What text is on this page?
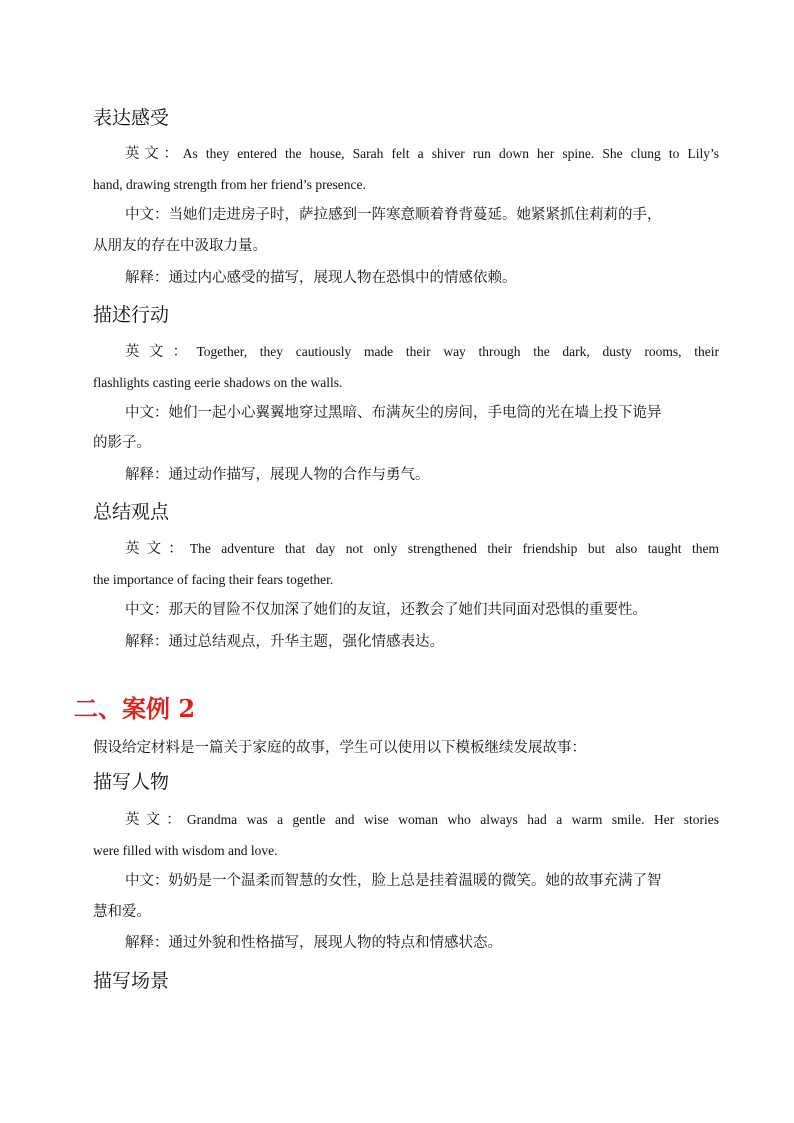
表达感受
英文：As they entered the house, Sarah felt a shiver run down her spine. She clung to Lily’s
hand, drawing strength from her friend’s presence.
中文：当她们走进房子时，萨拉感到一阵寒意顺着脊背蔓延。她紧紧抓住莉莉的手，
从朋友的存在中汲取力量。
解释：通过内心感受的描写，展现人物在恐惧中的情感依赖。
描述行动
英文：Together, they cautiously made their way through the dark, dusty rooms, their
flashlights casting eerie shadows on the walls.
中文：她们一起小心翼翼地穿过黑暗、布满灰尘的房间，手电筒的光在墙上投下诡异
的影子。
解释：通过动作描写，展现人物的合作与勇气。
总结观点
英文：The adventure that day not only strengthened their friendship but also taught them
the importance of facing their fears together.
中文：那天的冒险不仅加深了她们的友谊，还教会了她们共同面对恐惧的重要性。
解释：通过总结观点，升华主题，强化情感表达。
二、案例 2
假设给定材料是一篇关于家庭的故事，学生可以使用以下模板继续发展故事：
描写人物
英文：Grandma was a gentle and wise woman who always had a warm smile. Her stories
were filled with wisdom and love.
中文：奶奶是一个温柔而智慧的女性，脸上总是挂着温暖的微笑。她的故事充满了智
慧和爱。
解释：通过外貌和性格描写，展现人物的特点和情感状态。
描写场景
